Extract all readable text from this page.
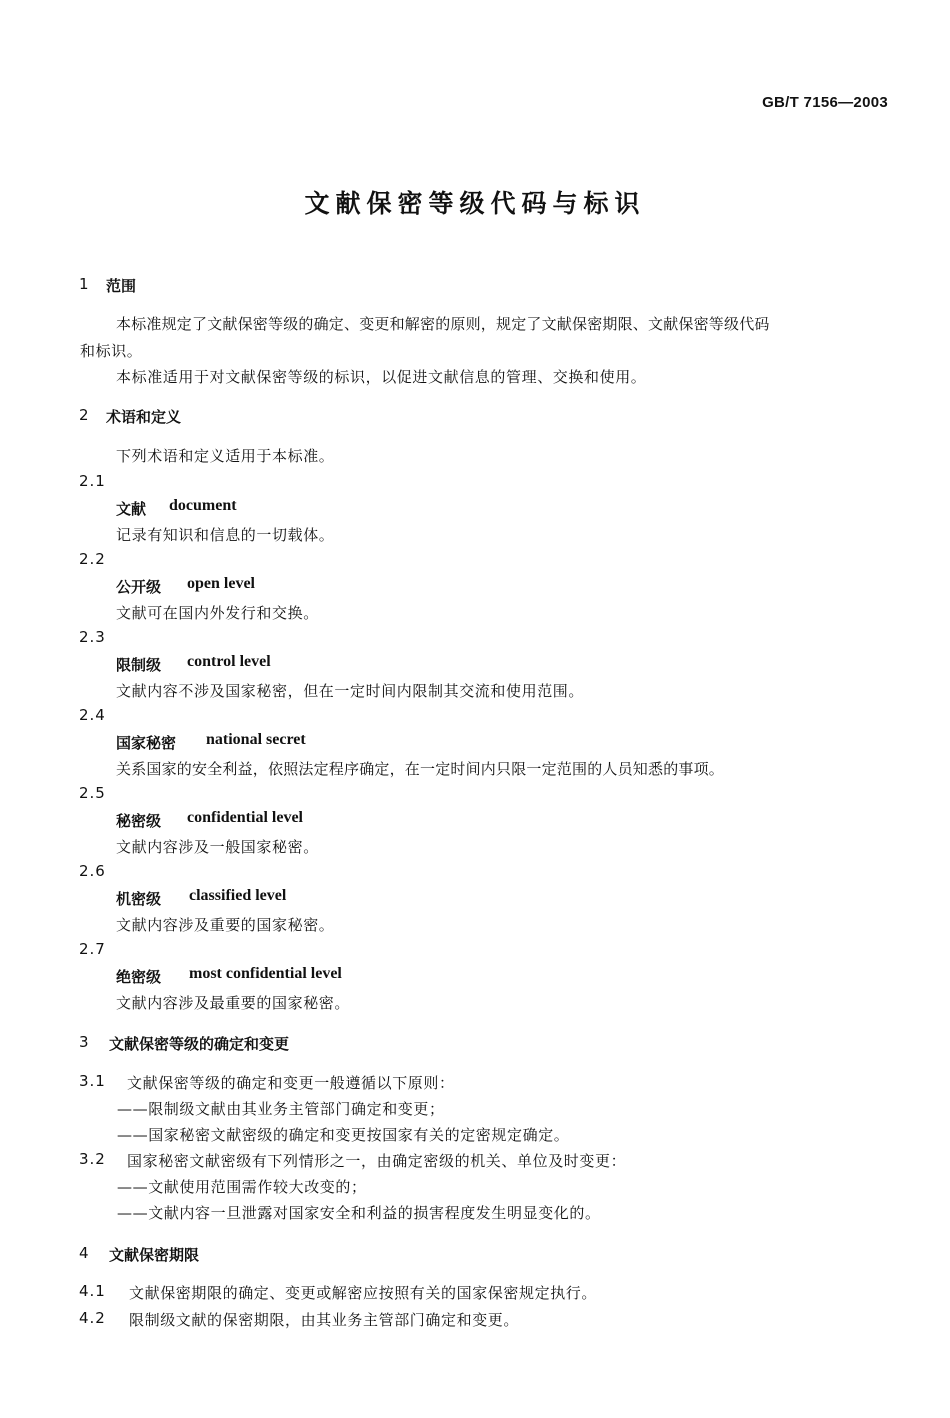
GB/T 7156—2003
文献保密等级代码与标识
1 范围
本标准规定了文献保密等级的确定、变更和解密的原则，规定了文献保密期限、文献保密等级代码
和标识。
本标准适用于对文献保密等级的标识，以促进文献信息的管理、交换和使用。
2 术语和定义
下列术语和定义适用于本标准。
2.1
文献 document
记录有知识和信息的一切载体。
2.2
公开级 open level
文献可在国内外发行和交换。
2.3
限制级 control level
文献内容不涉及国家秘密，但在一定时间内限制其交流和使用范围。
2.4
国家秘密 national secret
关系国家的安全利益，依照法定程序确定，在一定时间内只限一定范围的人员知悉的事项。
2.5
秘密级 confidential level
文献内容涉及一般国家秘密。
2.6
机密级 classified level
文献内容涉及重要的国家秘密。
2.7
绝密级 most confidential level
文献内容涉及最重要的国家秘密。
3 文献保密等级的确定和变更
3.1 文献保密等级的确定和变更一般遵循以下原则：
——限制级文献由其业务主管部门确定和变更；
——国家秘密文献密级的确定和变更按国家有关的定密规定确定。
3.2 国家秘密文献密级有下列情形之一，由确定密级的机关、单位及时变更：
——文献使用范围需作较大改变的；
——文献内容一旦泄露对国家安全和利益的损害程度发生明显变化的。
4 文献保密期限
4.1 文献保密期限的确定、变更或解密应按照有关的国家保密规定执行。
4.2 限制级文献的保密期限，由其业务主管部门确定和变更。
